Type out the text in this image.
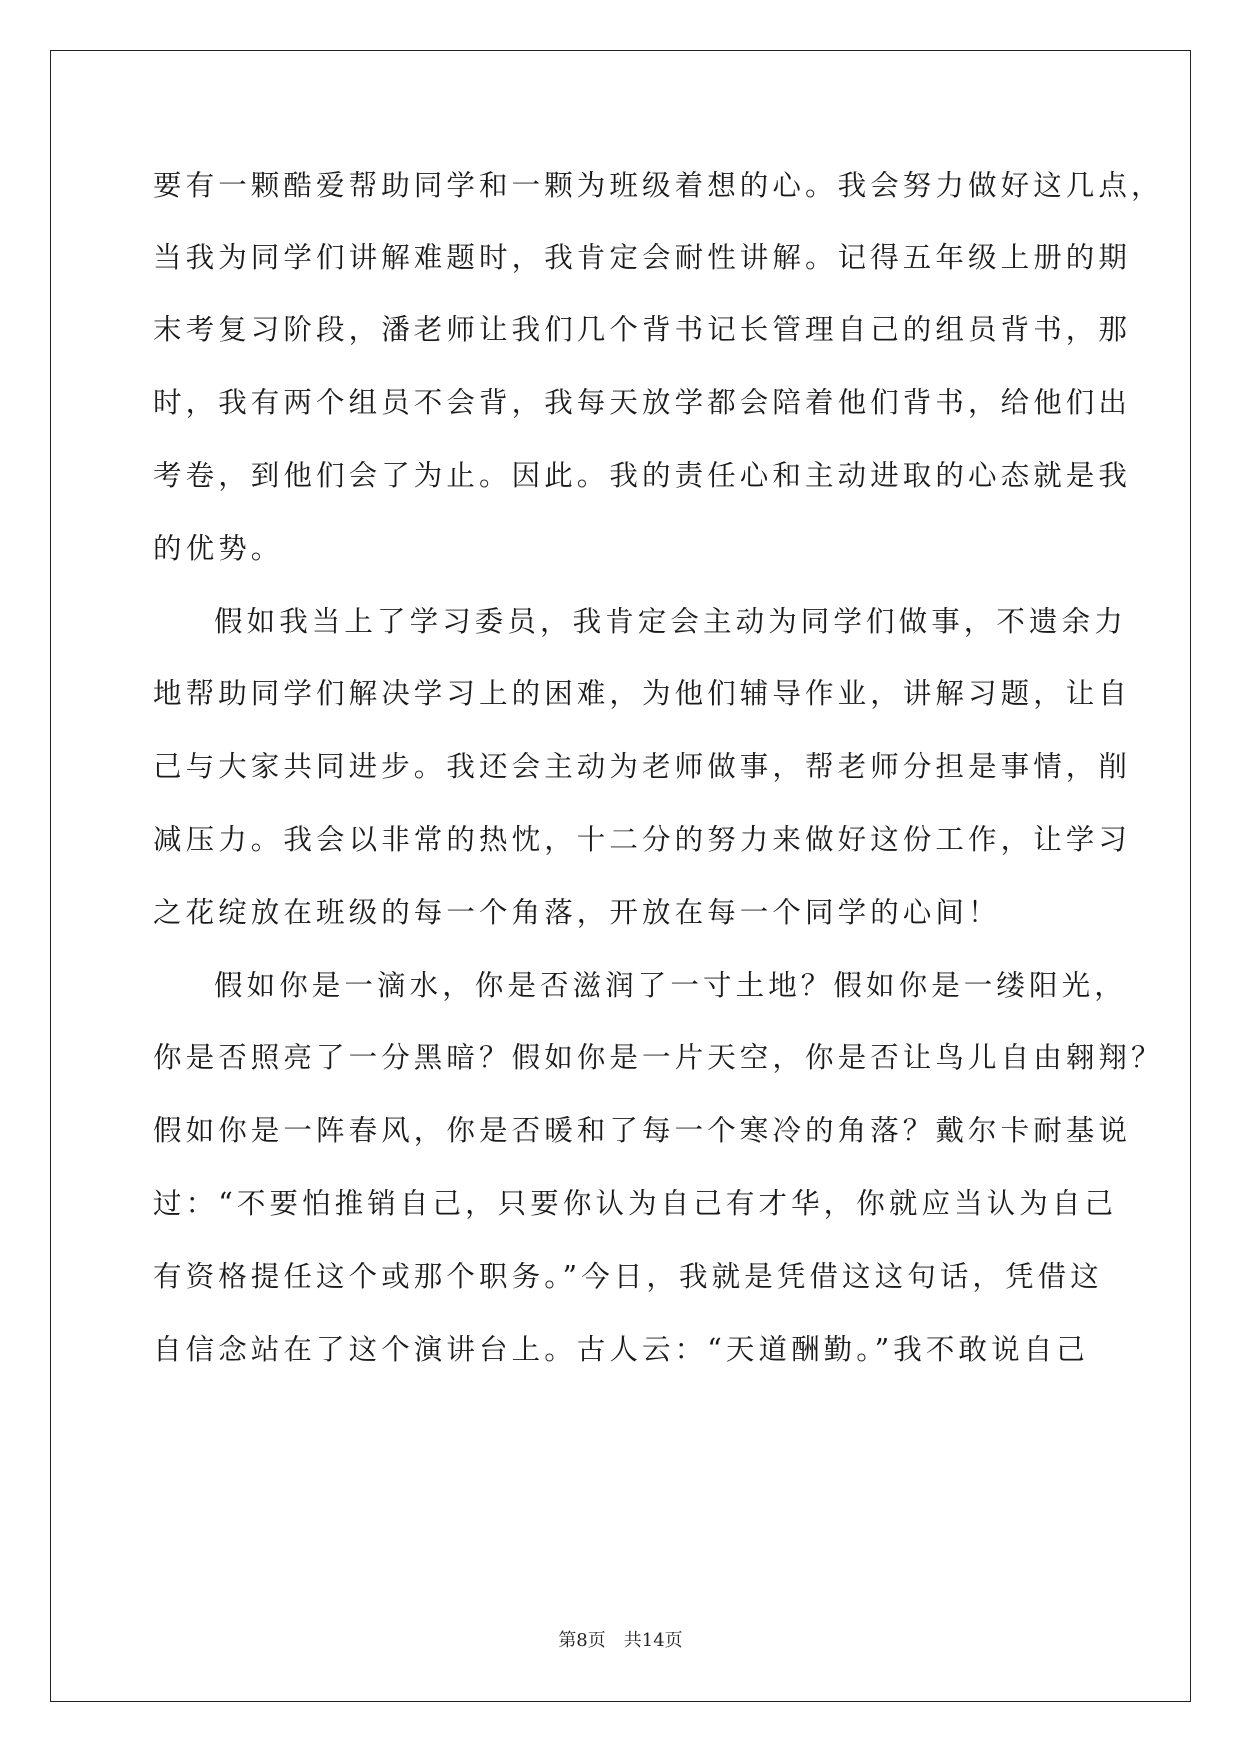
要有一颗酷爱帮助同学和一颗为班级着想的心。我会努力做好这几点，
当我为同学们讲解难题时，我肯定会耐性讲解。记得五年级上册的期
末考复习阶段，潘老师让我们几个背书记长管理自己的组员背书，那
时，我有两个组员不会背，我每天放学都会陪着他们背书，给他们出
考卷，到他们会了为止。因此。我的责任心和主动进取的心态就是我
的优势。
假如我当上了学习委员，我肯定会主动为同学们做事，不遗余力
地帮助同学们解决学习上的困难，为他们辅导作业，讲解习题，让自
己与大家共同进步。我还会主动为老师做事，帮老师分担是事情，削
减压力。我会以非常的热忱，十二分的努力来做好这份工作，让学习
之花绽放在班级的每一个角落，开放在每一个同学的心间！
假如你是一滴水，你是否滋润了一寸土地？假如你是一缕阳光，
你是否照亮了一分黑暗？假如你是一片天空，你是否让鸟儿自由翱翔？
假如你是一阵春风，你是否暖和了每一个寒冷的角落？戴尔卡耐基说
过：“不要怕推销自己，只要你认为自己有才华，你就应当认为自己
有资格提任这个或那个职务。”今日，我就是凭借这这句话，凭借这
自信念站在了这个演讲台上。古人云：“天道酬勤。”我不敢说自己
第8页 共14页
